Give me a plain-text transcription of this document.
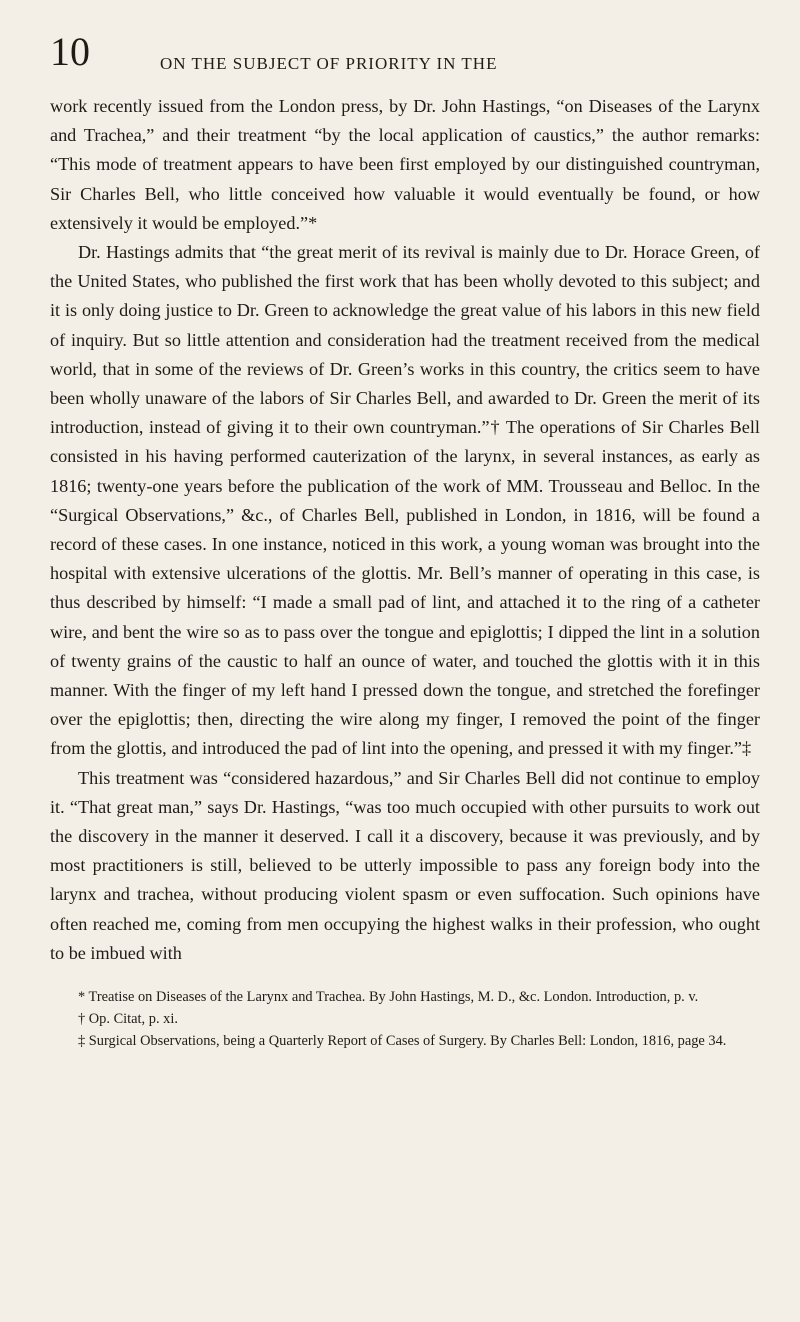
10	ON THE SUBJECT OF PRIORITY IN THE

work recently issued from the London press, by Dr. John Hastings, “on Diseases of the Larynx and Trachea,” and their treatment “by the local application of caustics,” the author remarks: “This mode of treatment appears to have been first employed by our distinguished countryman, Sir Charles Bell, who little conceived how valuable it would eventually be found, or how extensively it would be employed.”*

Dr. Hastings admits that “the great merit of its revival is mainly due to Dr. Horace Green, of the United States, who published the first work that has been wholly devoted to this subject; and it is only doing justice to Dr. Green to acknowledge the great value of his labors in this new field of inquiry. But so little attention and consideration had the treatment received from the medical world, that in some of the reviews of Dr. Green’s works in this country, the critics seem to have been wholly unaware of the labors of Sir Charles Bell, and awarded to Dr. Green the merit of its introduction, instead of giving it to their own countryman.”† The operations of Sir Charles Bell consisted in his having performed cauterization of the larynx, in several instances, as early as 1816; twenty-one years before the publication of the work of MM. Trousseau and Belloc. In the “Surgical Observations,” &c., of Charles Bell, published in London, in 1816, will be found a record of these cases. In one instance, noticed in this work, a young woman was brought into the hospital with extensive ulcerations of the glottis. Mr. Bell’s manner of operating in this case, is thus described by himself: “I made a small pad of lint, and attached it to the ring of a catheter wire, and bent the wire so as to pass over the tongue and epiglottis; I dipped the lint in a solution of twenty grains of the caustic to half an ounce of water, and touched the glottis with it in this manner. With the finger of my left hand I pressed down the tongue, and stretched the forefinger over the epiglottis; then, directing the wire along my finger, I removed the point of the finger from the glottis, and introduced the pad of lint into the opening, and pressed it with my finger.”‡

This treatment was “considered hazardous,” and Sir Charles Bell did not continue to employ it. “That great man,” says Dr. Hastings, “was too much occupied with other pursuits to work out the discovery in the manner it deserved. I call it a discovery, because it was previously, and by most practitioners is still, believed to be utterly impossible to pass any foreign body into the larynx and trachea, without producing violent spasm or even suffocation. Such opinions have often reached me, coming from men occupying the highest walks in their profession, who ought to be imbued with

* Treatise on Diseases of the Larynx and Trachea. By John Hastings, M. D., &c. London. Introduction, p. v.

† Op. Citat, p. xi.

‡ Surgical Observations, being a Quarterly Report of Cases of Surgery. By Charles Bell: London, 1816, page 34.
